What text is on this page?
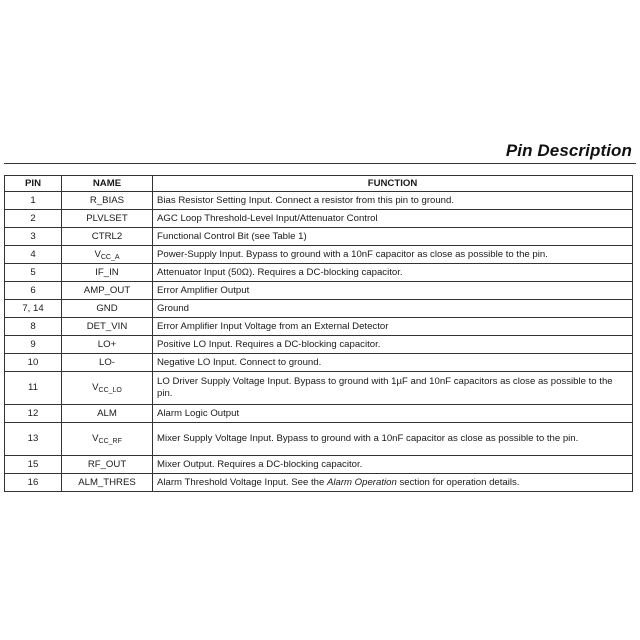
Pin Description
PIN	NAME	FUNCTION
1	R_BIAS	Bias Resistor Setting Input. Connect a resistor from this pin to ground.
2	PLVLSET	AGC Loop Threshold-Level Input/Attenuator Control
3	CTRL2	Functional Control Bit (see Table 1)
4	$V_{CC\_A}$	Power-Supply Input. Bypass to ground with a 10nF capacitor as close as possible to the pin.
5	IF_IN	Attenuator Input (50Ω). Requires a DC-blocking capacitor.
6	AMP_OUT	Error Amplifier Output
7, 14	GND	Ground
8	DET_VIN	Error Amplifier Input Voltage from an External Detector
9	LO+	Positive LO Input. Requires a DC-blocking capacitor.
10	LO-	Negative LO Input. Connect to ground.
11	$V_{CC\_LO}$	LO Driver Supply Voltage Input. Bypass to ground with 1µF and 10nF capacitors as close as possible to the pin.
12	ALM	Alarm Logic Output
13	$V_{CC\_RF}$	Mixer Supply Voltage Input. Bypass to ground with a 10nF capacitor as close as possible to the pin.
15	RF_OUT	Mixer Output. Requires a DC-blocking capacitor.
16	ALM_THRES	Alarm Threshold Voltage Input. See the Alarm Operation section for operation details.
